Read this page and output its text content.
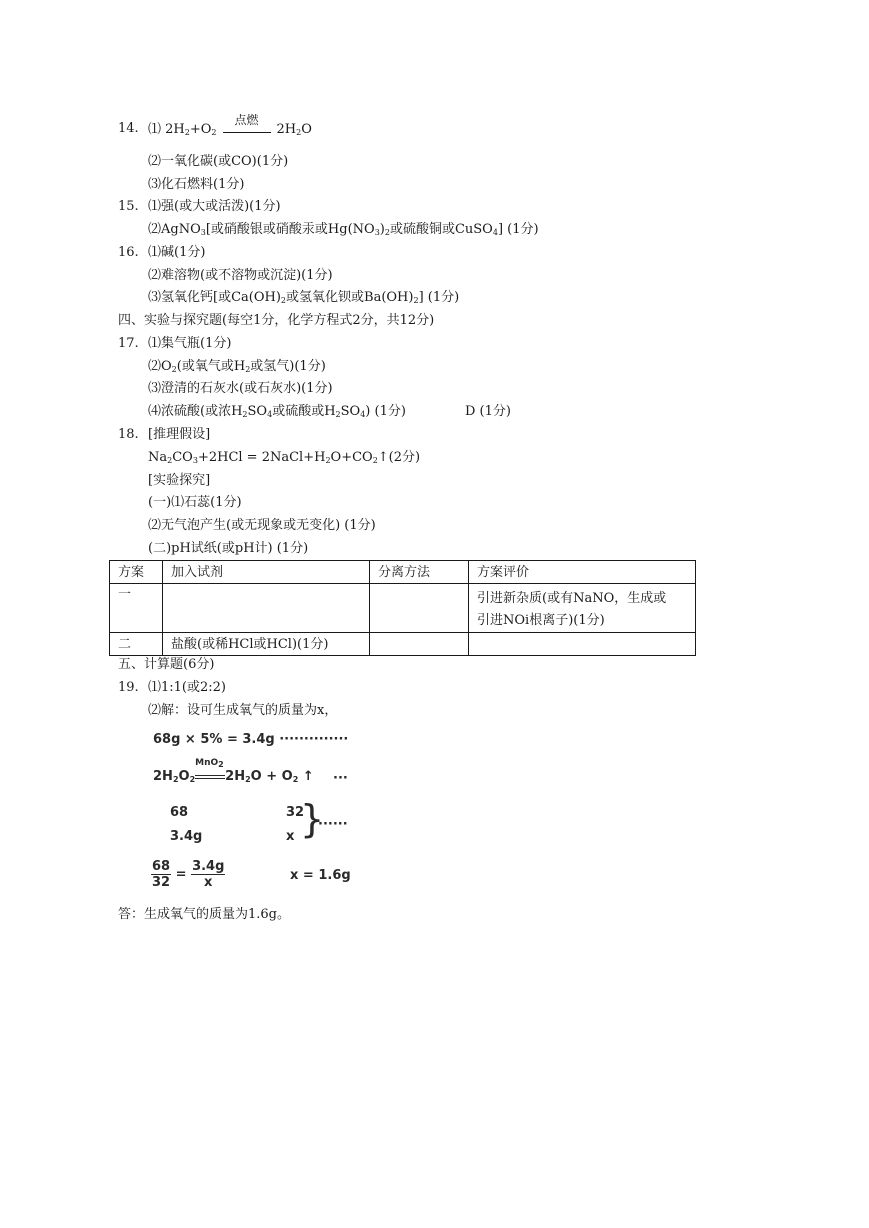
14. ⑴ $2H_2+O_2$
点燃
$2H_2O$
⑵一氧化碳(或CO)(1分)
⑶化石燃料(1分)
15. ⑴强(或大或活泼)(1分)
⑵AgNO$_3$[或硝酸银或硝酸汞或$Hg(NO_3)_2$或硫酸铜或CuSO$_4$] (1分)
16. ⑴碱(1分)
⑵难溶物(或不溶物或沉淀)(1分)
⑶氢氧化钙[或$Ca(OH)_2$或氢氧化钡或$Ba(OH)_2$] (1分)
四、实验与探究题(每空1分，化学方程式2分，共12分)
17. ⑴集气瓶(1分)
$⑵O_2$(或氧气或$H_2$或氢气)(1分)
⑶澄清的石灰水(或石灰水)(1分)
⑷浓硫酸(或浓$H_2SO_4$或硫酸或$H_2SO_4$) (1分)	D (1分)
18. [推理假设]
$Na_2CO_3+2HCl$ = $2NaCl+H_2O+CO_2↑(2$分)
[实验探究]
(一)⑴石蕊(1分)
⑵无气泡产生(或无现象或无变化) (1分)
(二)pH试纸(或pH计) (1分)
方案	加入试剂	分离方法	方案评价
一			引进新杂质(或有NaNO，生成或
引进NOi根离子)(1分)

二	盐酸(或稀HCl或HCl)(1分)		
五、计算题(6分)
19. ⑴1:1(或2:2)
⑵解：设可生成氧气的质量为x，
68g × 5% = 3.4g ··············
$2H_2O_2$
MnO$_2$
$2H_2O + O_2$ ↑ ···
68	32
3.4g	x }
······
$\frac{68}{32} = \frac{3.4g}{x}$	x = 1.6g
答：生成氧气的质量为1.6g。
